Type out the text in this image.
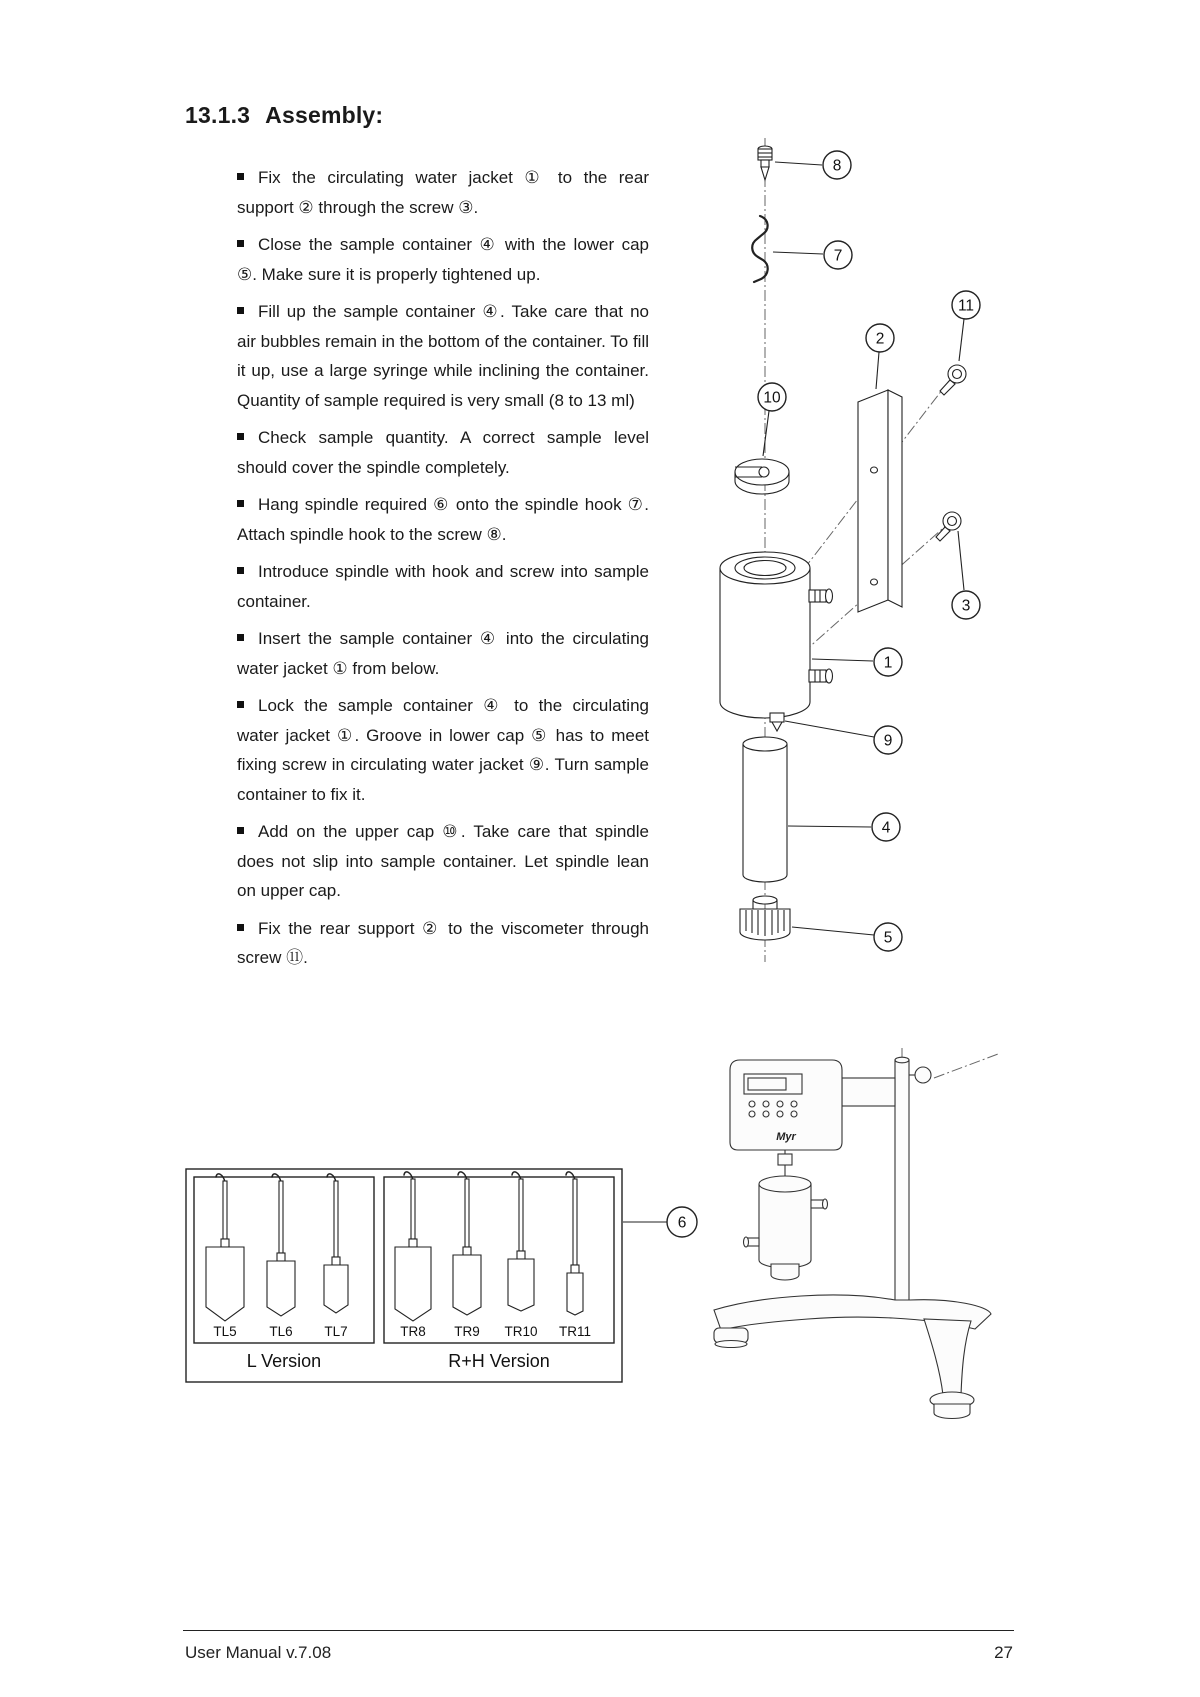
13.1.3 Assembly:

Fix the circulating water jacket ① to the rear support ② through the screw ③.

Close the sample container ④ with the lower cap ⑤. Make sure it is properly tightened up.

Fill up the sample container ④. Take care that no air bubbles remain in the bottom of the container. To fill it up, use a large syringe while inclining the container. Quantity of sample required is very small (8 to 13 ml)

Check sample quantity. A correct sample level should cover the spindle completely.

Hang spindle required ⑥ onto the spindle hook ⑦. Attach spindle hook to the screw ⑧.

Introduce spindle with hook and screw into sample container.

Insert the sample container ④ into the circulating water jacket ① from below.

Lock the sample container ④ to the circulating water jacket ①. Groove in lower cap ⑤ has to meet fixing screw in circulating water jacket ⑨. Turn sample container to fix it.

Add on the upper cap ⑩. Take care that spindle does not slip into sample container. Let spindle lean on upper cap.

Fix the rear support ② to the viscometer through screw ⑪.

8
7
11
2
10
3
1
9
4
5
Myr
TL5 TL6 TL7	TR8 TR9 TR10 TR11
L Version	R+H Version
6
User Manual v.7.08	27
